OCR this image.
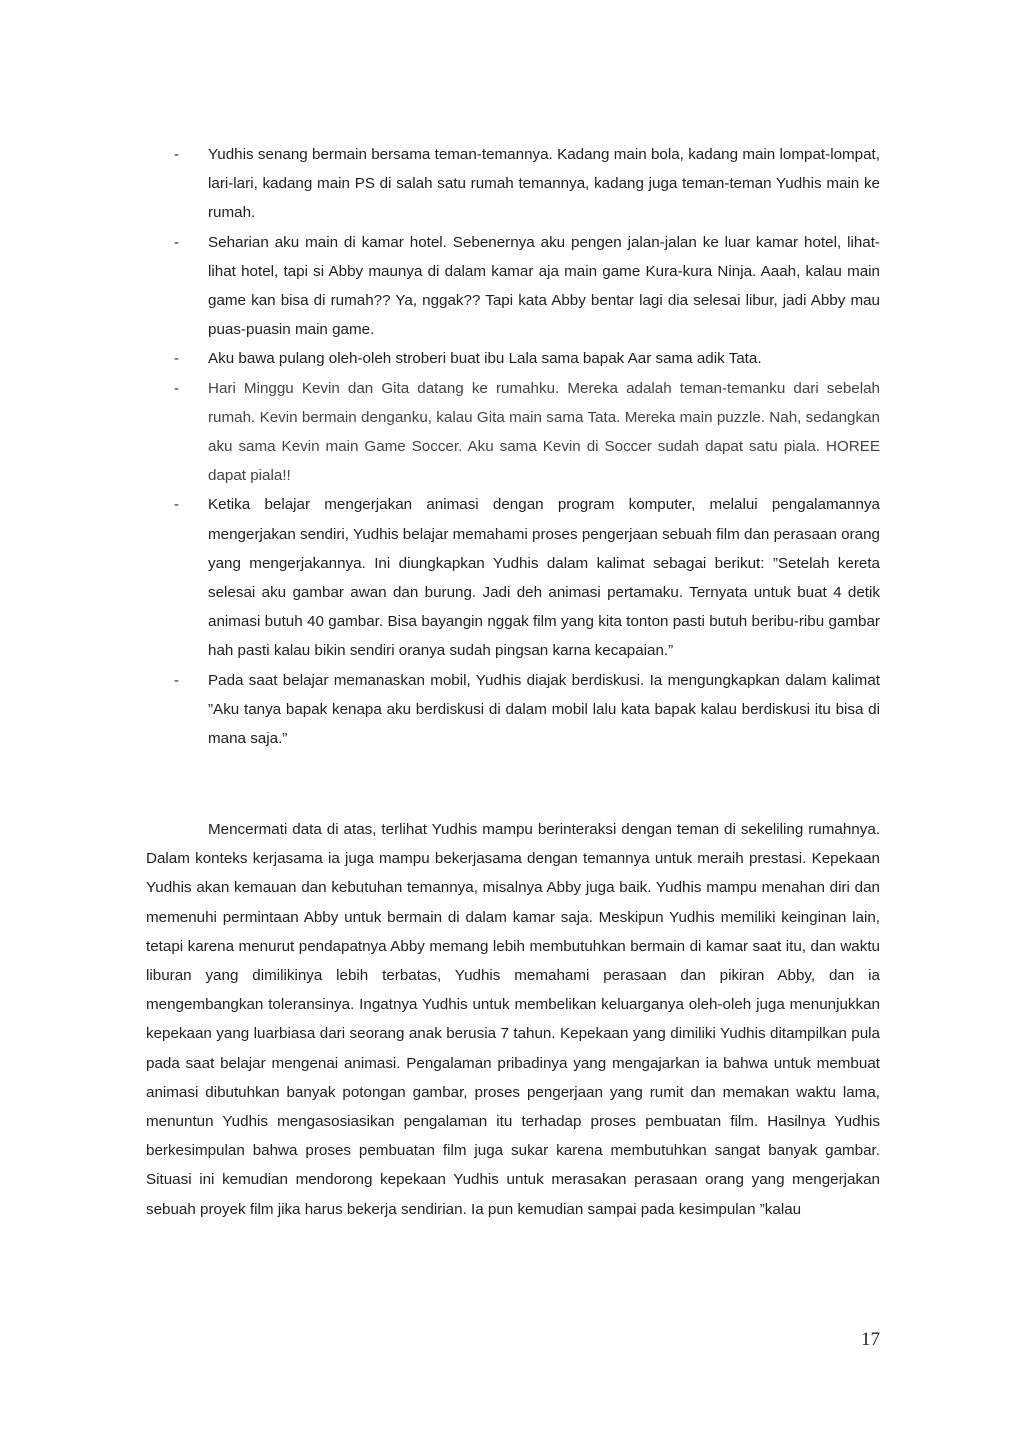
-	Yudhis senang bermain bersama teman-temannya. Kadang main bola, kadang main lompat-lompat, lari-lari, kadang main PS di salah satu rumah temannya, kadang juga teman-teman Yudhis main ke rumah.
-	Seharian aku main di kamar hotel. Sebenernya aku pengen jalan-jalan ke luar kamar hotel, lihat-lihat hotel, tapi si Abby maunya di dalam kamar aja main game Kura-kura Ninja. Aaah, kalau main game kan bisa di rumah?? Ya, nggak?? Tapi kata Abby bentar lagi dia selesai libur, jadi Abby mau puas-puasin main game.
-	Aku bawa pulang oleh-oleh stroberi buat ibu Lala sama bapak Aar sama adik Tata.
-	Hari Minggu Kevin dan Gita datang ke rumahku. Mereka adalah teman-temanku dari sebelah rumah. Kevin bermain denganku, kalau Gita main sama Tata. Mereka main puzzle. Nah, sedangkan aku sama Kevin main Game Soccer. Aku sama Kevin di Soccer sudah dapat satu piala. HOREE dapat piala!!
-	Ketika belajar mengerjakan animasi dengan program komputer, melalui pengalamannya mengerjakan sendiri, Yudhis belajar memahami proses pengerjaan sebuah film dan perasaan orang yang mengerjakannya. Ini diungkapkan Yudhis dalam kalimat sebagai berikut: ”Setelah kereta selesai aku gambar awan dan burung. Jadi deh animasi pertamaku. Ternyata untuk buat 4 detik animasi butuh 40 gambar. Bisa bayangin nggak film yang kita tonton pasti butuh beribu-ribu gambar hah pasti kalau bikin sendiri oranya sudah pingsan karna kecapaian.”
-	Pada saat belajar memanaskan mobil, Yudhis diajak berdiskusi. Ia mengungkapkan dalam kalimat ”Aku tanya bapak kenapa aku berdiskusi di dalam mobil lalu kata bapak kalau berdiskusi itu bisa di mana saja.”

Mencermati data di atas, terlihat Yudhis mampu berinteraksi dengan teman di sekeliling rumahnya. Dalam konteks kerjasama ia juga mampu bekerjasama dengan temannya untuk meraih prestasi. Kepekaan Yudhis akan kemauan dan kebutuhan temannya, misalnya Abby juga baik. Yudhis mampu menahan diri dan memenuhi permintaan Abby untuk bermain di dalam kamar saja. Meskipun Yudhis memiliki keinginan lain, tetapi karena menurut pendapatnya Abby memang lebih membutuhkan bermain di kamar saat itu, dan waktu liburan yang dimilikinya lebih terbatas, Yudhis memahami perasaan dan pikiran Abby, dan ia mengembangkan toleransinya. Ingatnya Yudhis untuk membelikan keluarganya oleh-oleh juga menunjukkan kepekaan yang luarbiasa dari seorang anak berusia 7 tahun. Kepekaan yang dimiliki Yudhis ditampilkan pula pada saat belajar mengenai animasi. Pengalaman pribadinya yang mengajarkan ia bahwa untuk membuat animasi dibutuhkan banyak potongan gambar, proses pengerjaan yang rumit dan memakan waktu lama, menuntun Yudhis mengasosiasikan pengalaman itu terhadap proses pembuatan film. Hasilnya Yudhis berkesimpulan bahwa proses pembuatan film juga sukar karena membutuhkan sangat banyak gambar. Situasi ini kemudian mendorong kepekaan Yudhis untuk merasakan perasaan orang yang mengerjakan sebuah proyek film jika harus bekerja sendirian. Ia pun kemudian sampai pada kesimpulan ”kalau

17
